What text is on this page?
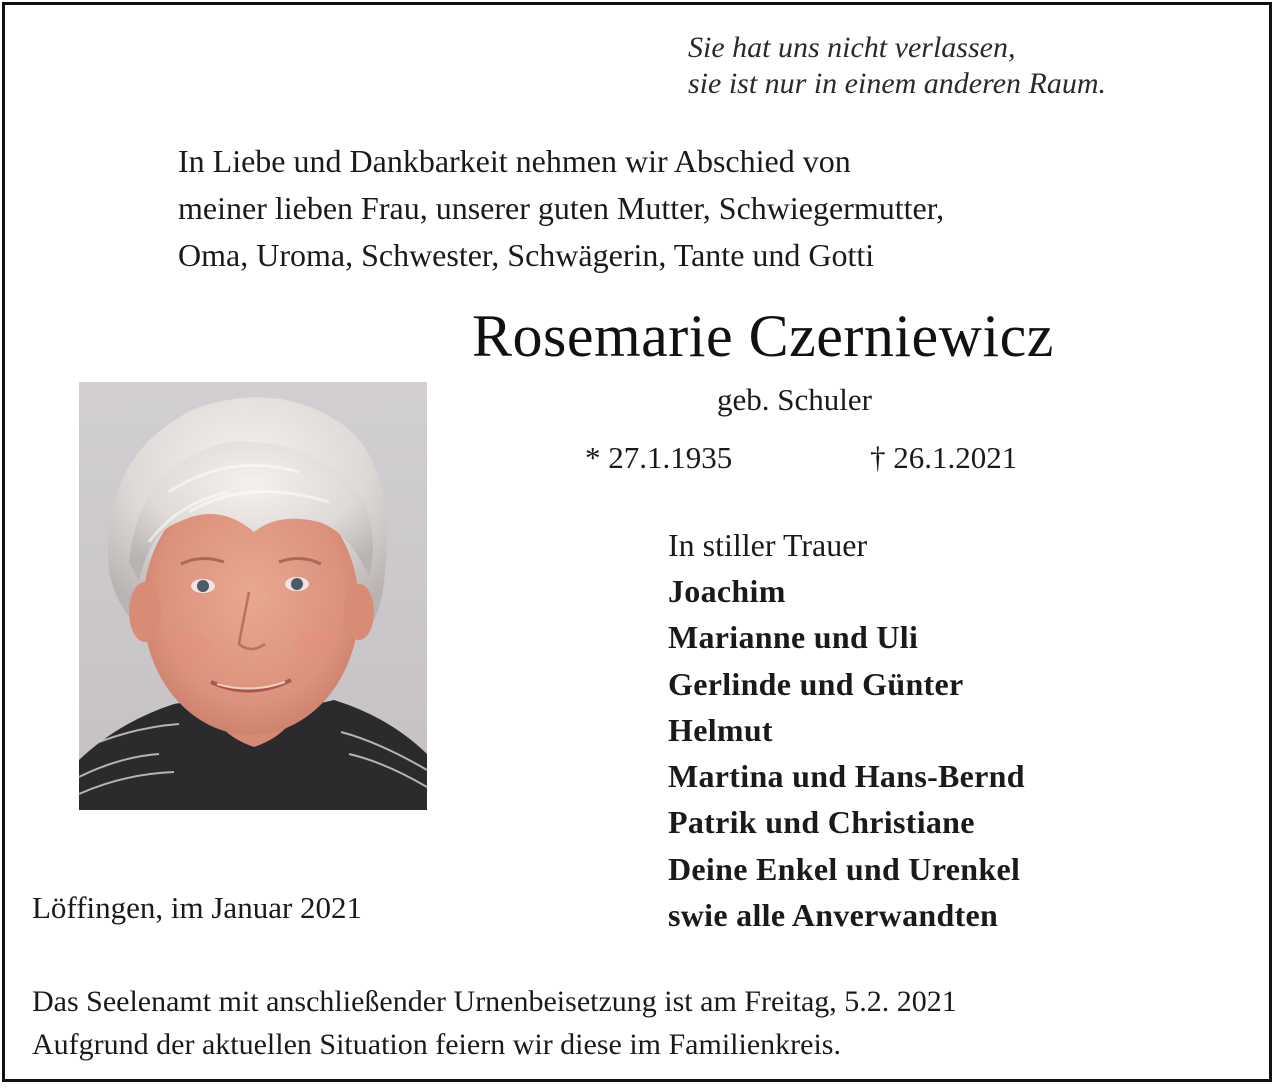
Sie hat uns nicht verlassen,
sie ist nur in einem anderen Raum.
In Liebe und Dankbarkeit nehmen wir Abschied von
meiner lieben Frau, unserer guten Mutter, Schwiegermutter,
Oma, Uroma, Schwester, Schwägerin, Tante und Gotti
Rosemarie Czerniewicz
geb. Schuler
* 27.1.1935	† 26.1.2021
In stiller Trauer
Joachim
Marianne und Uli
Gerlinde und Günter
Helmut
Martina und Hans-Bernd
Patrik und Christiane
Deine Enkel und Urenkel
swie alle Anverwandten
Löffingen, im Januar 2021
Das Seelenamt mit anschließender Urnenbeisetzung ist am Freitag, 5.2. 2021
Aufgrund der aktuellen Situation feiern wir diese im Familienkreis.
